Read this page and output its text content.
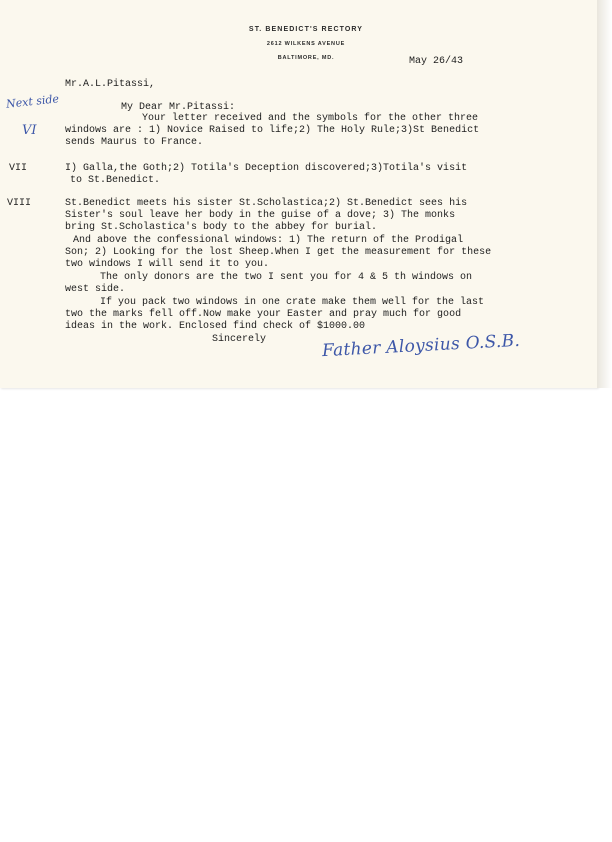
ST. BENEDICT'S RECTORY
2612 WILKENS AVENUE
BALTIMORE, MD.	May 26/43
Mr.A.L.Pitassi,
My Dear Mr.Pitassi:
Next side
VI
Your letter received and the symbols for the other three
windows are : 1) Novice Raised to life;2) The Holy Rule;3)St Benedict
sends Maurus to France.
VII	I) Galla,the Goth;2) Totila's Deception discovered;3)Totila's visit
to St.Benedict.
VIII	St.Benedict meets his sister St.Scholastica;2) St.Benedict sees his
Sister's soul leave her body in the guise of a dove; 3) The monks
bring St.Scholastica's body to the abbey for burial.
And above the confessional windows: 1) The return of the Prodigal
Son; 2) Looking for the lost Sheep.When I get the measurement for these
two windows I will send it to you.
The only donors are the two I sent you for 4 & 5 th windows on
west side.
If you pack two windows in one crate make them well for the last
two the marks fell off.Now make your Easter and pray much for good
ideas in the work. Enclosed find check of $1000.00
Sincerely	Father Aloysius O.S.B.
